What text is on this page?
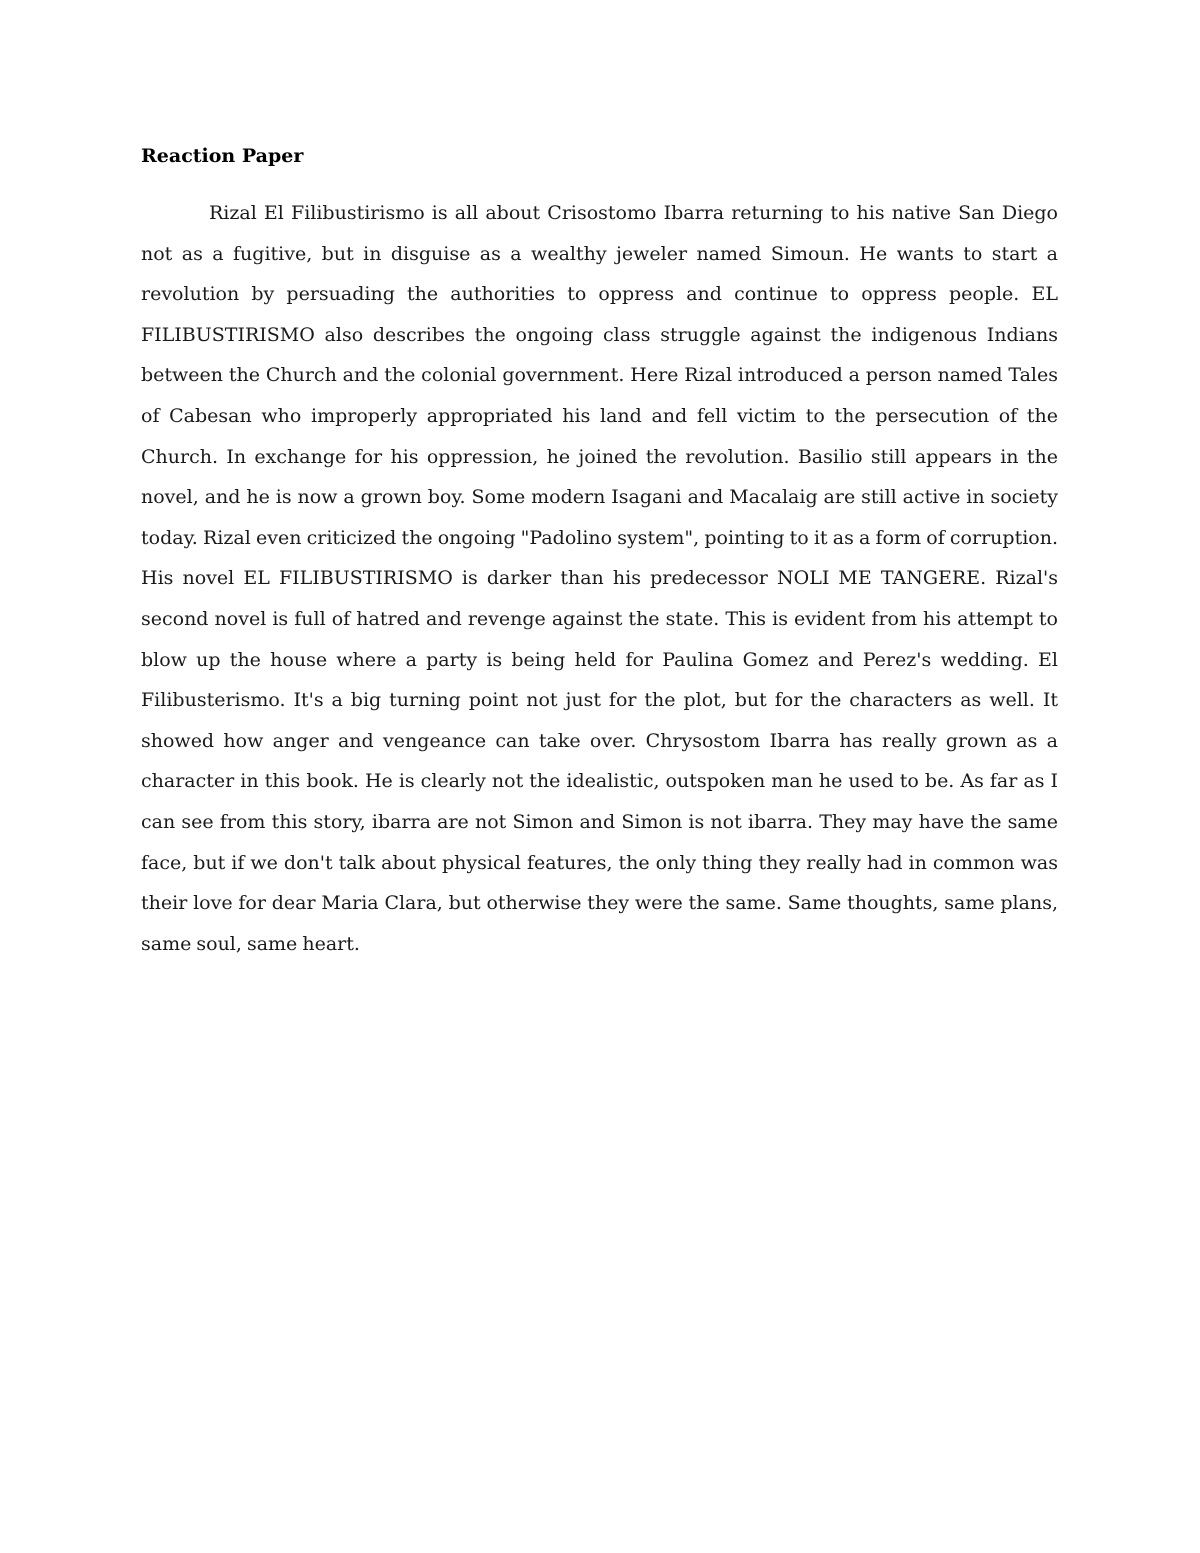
Reaction Paper

Rizal El Filibustirismo is all about Crisostomo Ibarra returning to his native San Diego not as a fugitive, but in disguise as a wealthy jeweler named Simoun. He wants to start a revolution by persuading the authorities to oppress and continue to oppress people. EL FILIBUSTIRISMO also describes the ongoing class struggle against the indigenous Indians between the Church and the colonial government. Here Rizal introduced a person named Tales of Cabesan who improperly appropriated his land and fell victim to the persecution of the Church. In exchange for his oppression, he joined the revolution. Basilio still appears in the novel, and he is now a grown boy. Some modern Isagani and Macalaig are still active in society today. Rizal even criticized the ongoing "Padolino system", pointing to it as a form of corruption. His novel EL FILIBUSTIRISMO is darker than his predecessor NOLI ME TANGERE. Rizal's second novel is full of hatred and revenge against the state. This is evident from his attempt to blow up the house where a party is being held for Paulina Gomez and Perez's wedding. El Filibusterismo. It's a big turning point not just for the plot, but for the characters as well. It showed how anger and vengeance can take over. Chrysostom Ibarra has really grown as a character in this book. He is clearly not the idealistic, outspoken man he used to be. As far as I can see from this story, ibarra are not Simon and Simon is not ibarra. They may have the same face, but if we don't talk about physical features, the only thing they really had in common was their love for dear Maria Clara, but otherwise they were the same. Same thoughts, same plans, same soul, same heart.
